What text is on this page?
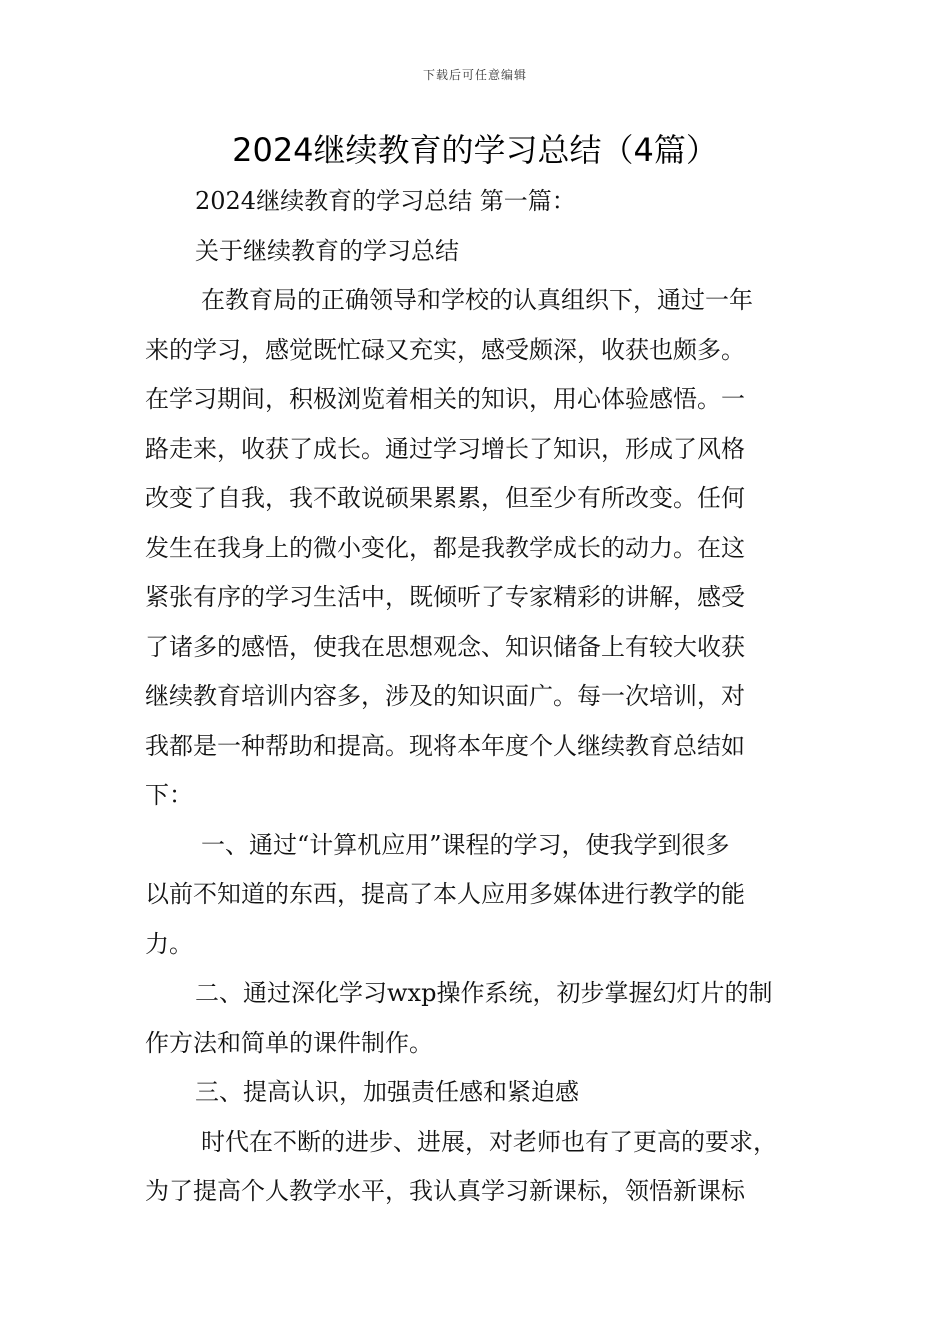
下载后可任意编辑
2024继续教育的学习总结（4篇）
2024继续教育的学习总结 第一篇：
关于继续教育的学习总结
在教育局的正确领导和学校的认真组织下，通过一年
来的学习，感觉既忙碌又充实，感受颇深，收获也颇多。
在学习期间，积极浏览着相关的知识，用心体验感悟。一
路走来，收获了成长。通过学习增长了知识，形成了风格
改变了自我，我不敢说硕果累累，但至少有所改变。任何
发生在我身上的微小变化，都是我教学成长的动力。在这
紧张有序的学习生活中，既倾听了专家精彩的讲解，感受
了诸多的感悟，使我在思想观念、知识储备上有较大收获
继续教育培训内容多，涉及的知识面广。每一次培训，对
我都是一种帮助和提高。现将本年度个人继续教育总结如
下：
一、通过“计算机应用”课程的学习，使我学到很多
以前不知道的东西，提高了本人应用多媒体进行教学的能
力。
二、通过深化学习wxp操作系统，初步掌握幻灯片的制
作方法和简单的课件制作。
三、提高认识，加强责任感和紧迫感
时代在不断的进步、进展，对老师也有了更高的要求，
为了提高个人教学水平，我认真学习新课标，领悟新课标
